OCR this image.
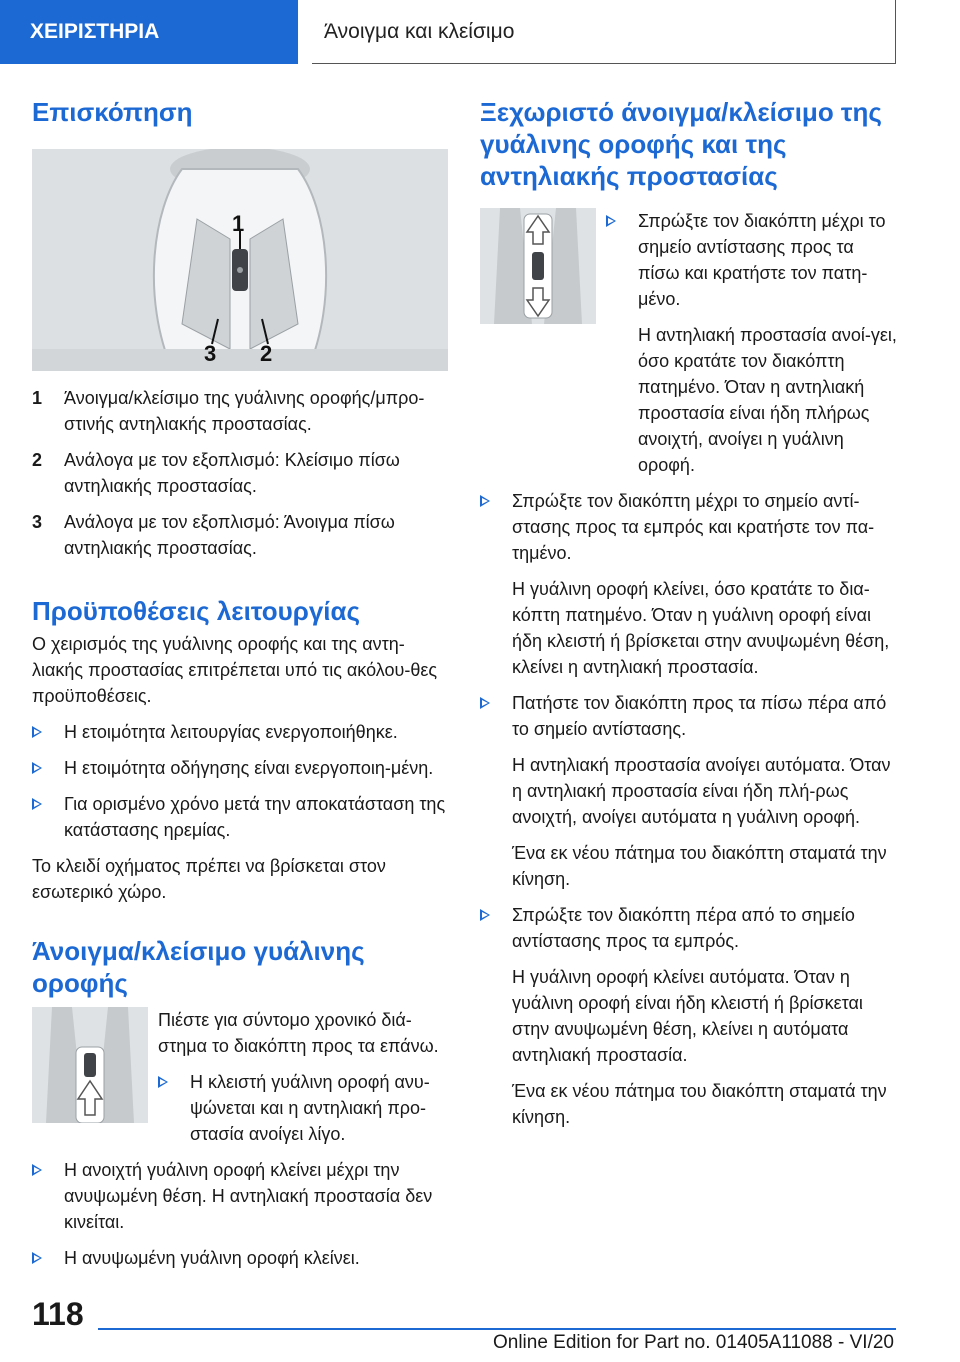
ΧΕΙΡΙΣΤΗΡΙΑ	Άνοιγμα και κλείσιμο
Επισκόπηση
1
3 2
1 Άνοιγμα/κλείσιμο της γυάλινης οροφής/μπρο-στινής αντηλιακής προστασίας.
2 Ανάλογα με τον εξοπλισμό: Κλείσιμο πίσω αντηλιακής προστασίας.
3 Ανάλογα με τον εξοπλισμό: Άνοιγμα πίσω αντηλιακής προστασίας.
Προϋποθέσεις λειτουργίας

Ο χειρισμός της γυάλινης οροφής και της αντη-λιακής προστασίας επιτρέπεται υπό τις ακόλου-θες προϋποθέσεις.

Η ετοιμότητα λειτουργίας ενεργοποιήθηκε.
Η ετοιμότητα οδήγησης είναι ενεργοποιη-μένη.
Για ορισμένο χρόνο μετά την αποκατάσταση της κατάστασης ηρεμίας.

Το κλειδί οχήματος πρέπει να βρίσκεται στον εσωτερικό χώρο.

Άνοιγμα/κλείσιμο γυάλινης οροφής

Πιέστε για σύντομο χρονικό διά-στημα το διακόπτη προς τα επάνω.

Η κλειστή γυάλινη οροφή ανυ-ψώνεται και η αντηλιακή προ-στασία ανοίγει λίγο.
Η ανοιχτή γυάλινη οροφή κλείνει μέχρι την ανυψωμένη θέση. Η αντηλιακή προστασία δεν κινείται.
Η ανυψωμένη γυάλινη οροφή κλείνει.
Ξεχωριστό άνοιγμα/κλείσιμο της γυάλινης οροφής και της αντηλιακής προστασίας
Σπρώξτε τον διακόπτη μέχρι το σημείο αντίστασης προς τα πίσω και κρατήστε τον πατη-μένο.
Η αντηλιακή προστασία ανοί-γει, όσο κρατάτε τον διακόπτη πατημένο. Όταν η αντηλιακή προστασία είναι ήδη πλήρως ανοιχτή, ανοίγει η γυάλινη οροφή.
Σπρώξτε τον διακόπτη μέχρι το σημείο αντί-στασης προς τα εμπρός και κρατήστε τον πα-τημένο.
Η γυάλινη οροφή κλείνει, όσο κρατάτε το δια-κόπτη πατημένο. Όταν η γυάλινη οροφή είναι ήδη κλειστή ή βρίσκεται στην ανυψωμένη θέση, κλείνει η αντηλιακή προστασία.
Πατήστε τον διακόπτη προς τα πίσω πέρα από το σημείο αντίστασης.
Η αντηλιακή προστασία ανοίγει αυτόματα. Όταν η αντηλιακή προστασία είναι ήδη πλή-ρως ανοιχτή, ανοίγει αυτόματα η γυάλινη οροφή.
Ένα εκ νέου πάτημα του διακόπτη σταματά την κίνηση.
Σπρώξτε τον διακόπτη πέρα από το σημείο αντίστασης προς τα εμπρός.
Η γυάλινη οροφή κλείνει αυτόματα. Όταν η γυάλινη οροφή είναι ήδη κλειστή ή βρίσκεται στην ανυψωμένη θέση, κλείνει η αυτόματα αντηλιακή προστασία.
Ένα εκ νέου πάτημα του διακόπτη σταματά την κίνηση.
118
Online Edition for Part no. 01405A11088 - VI/20
